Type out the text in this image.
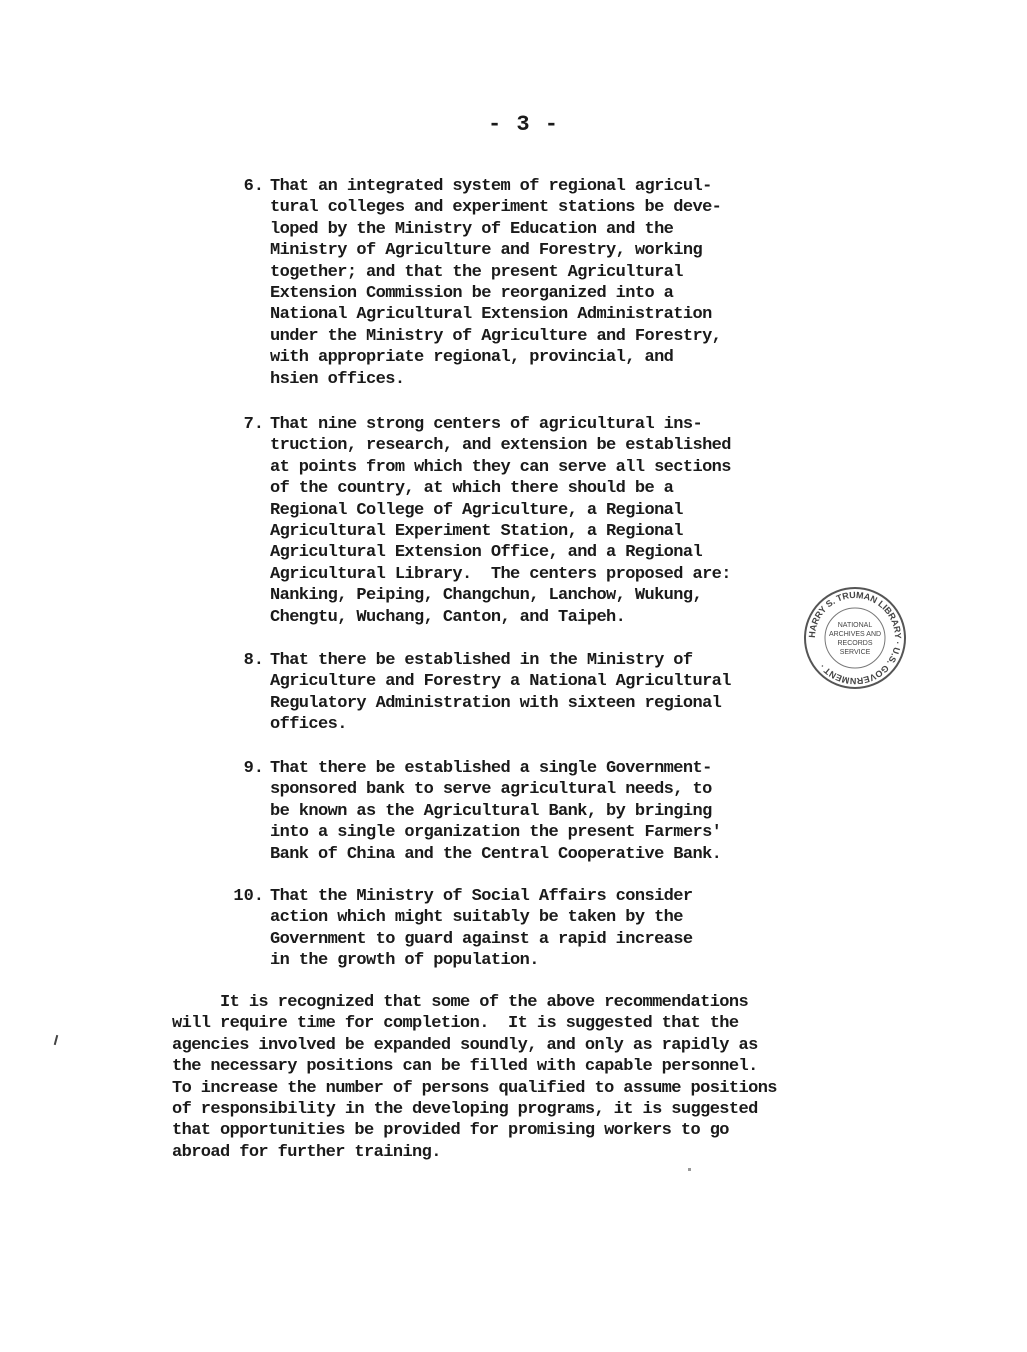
- 3 -
6. That an integrated system of regional agricul-
tural colleges and experiment stations be deve-
loped by the Ministry of Education and the
Ministry of Agriculture and Forestry, working
together; and that the present Agricultural
Extension Commission be reorganized into a
National Agricultural Extension Administration
under the Ministry of Agriculture and Forestry,
with appropriate regional, provincial, and
hsien offices.
7. That nine strong centers of agricultural ins-
truction, research, and extension be established
at points from which they can serve all sections
of the country, at which there should be a
Regional College of Agriculture, a Regional
Agricultural Experiment Station, a Regional
Agricultural Extension Office, and a Regional
Agricultural Library.  The centers proposed are:
Nanking, Peiping, Changchun, Lanchow, Wukung,
Chengtu, Wuchang, Canton, and Taipeh.
8. That there be established in the Ministry of
Agriculture and Forestry a National Agricultural
Regulatory Administration with sixteen regional
offices.
9. That there be established a single Government-
sponsored bank to serve agricultural needs, to
be known as the Agricultural Bank, by bringing
into a single organization the present Farmers'
Bank of China and the Central Cooperative Bank.
10. That the Ministry of Social Affairs consider
action which might suitably be taken by the
Government to guard against a rapid increase
in the growth of population.
It is recognized that some of the above recommendations
will require time for completion.  It is suggested that the
agencies involved be expanded soundly, and only as rapidly as
the necessary positions can be filled with capable personnel.
To increase the number of persons qualified to assume positions
of responsibility in the developing programs, it is suggested
that opportunities be provided for promising workers to go
abroad for further training.
HARRY S. TRUMAN LIBRARY · U.S. GOVERNMENT ·
NATIONAL
ARCHIVES AND
RECORDS
SERVICE
